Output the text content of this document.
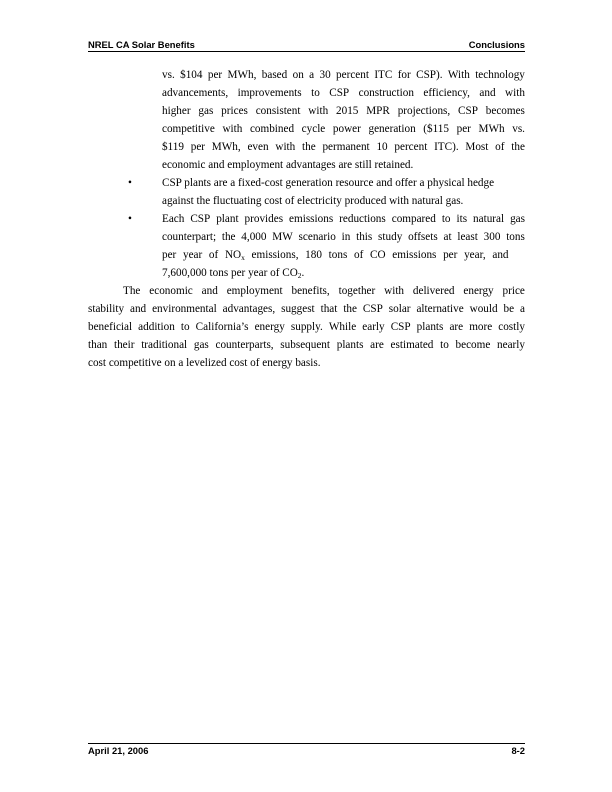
NREL CA Solar Benefits	Conclusions
vs. $104 per MWh, based on a 30 percent ITC for CSP). With technology
advancements, improvements to CSP construction efficiency, and with
higher gas prices consistent with 2015 MPR projections, CSP becomes
competitive with combined cycle power generation ($115 per MWh vs.
$119 per MWh, even with the permanent 10 percent ITC). Most of the
economic and employment advantages are still retained.
•	CSP plants are a fixed-cost generation resource and offer a physical hedge
against the fluctuating cost of electricity produced with natural gas.
•	Each CSP plant provides emissions reductions compared to its natural gas
counterpart; the 4,000 MW scenario in this study offsets at least 300 tons
per year of $NO_x$ emissions, 180 tons of CO emissions per year, and
7,600,000 tons per year of $CO_2$.
The economic and employment benefits, together with delivered energy price
stability and environmental advantages, suggest that the CSP solar alternative would be a
beneficial addition to California’s energy supply. While early CSP plants are more costly
than their traditional gas counterparts, subsequent plants are estimated to become nearly
cost competitive on a levelized cost of energy basis.
April 21, 2006	8-2
